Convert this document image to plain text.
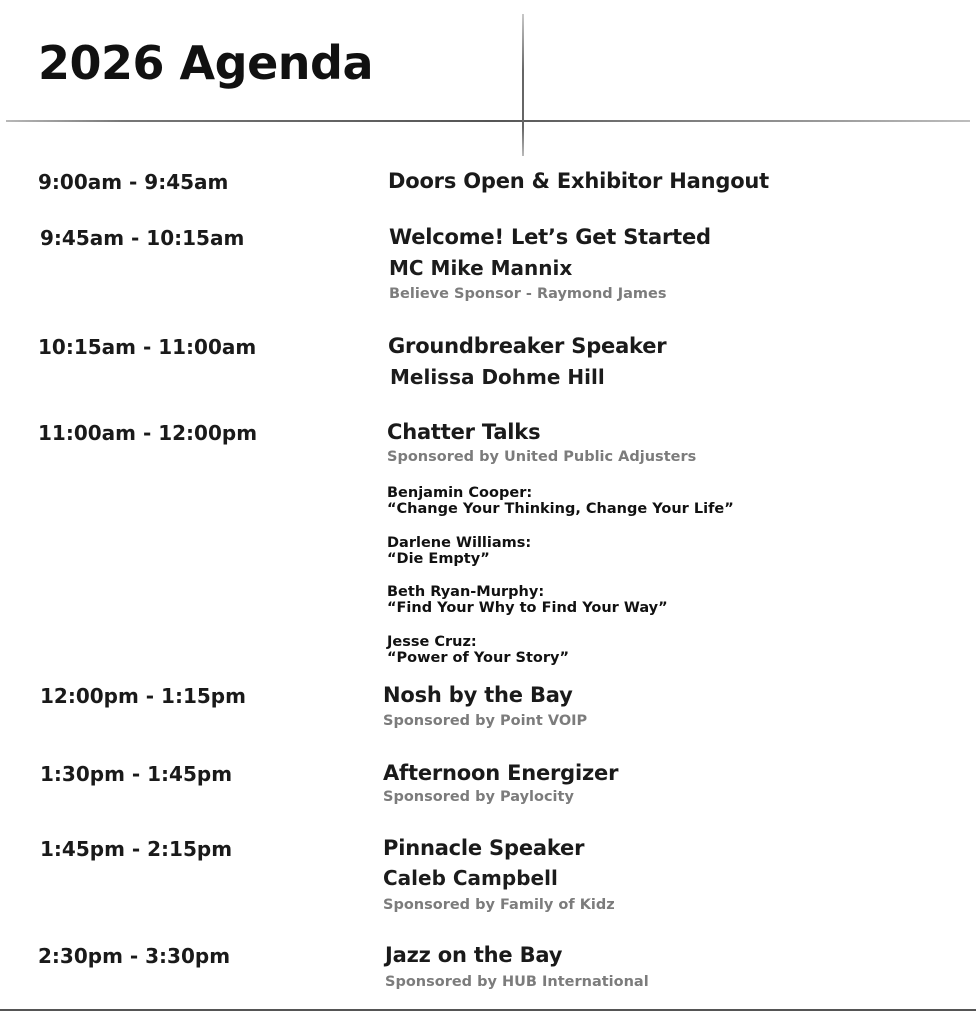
2026 Agenda
9:00am - 9:45am	Doors Open & Exhibitor Hangout
9:45am - 10:15am	Welcome! Let’s Get Started
MC Mike Mannix
Believe Sponsor - Raymond James
10:15am - 11:00am	Groundbreaker Speaker
Melissa Dohme Hill
11:00am - 12:00pm	Chatter Talks
Sponsored by United Public Adjusters
Benjamin Cooper:
“Change Your Thinking, Change Your Life”
Darlene Williams:
“Die Empty”
Beth Ryan-Murphy:
“Find Your Why to Find Your Way”
Jesse Cruz:
“Power of Your Story”
12:00pm - 1:15pm	Nosh by the Bay
Sponsored by Point VOIP
1:30pm - 1:45pm	Afternoon Energizer
Sponsored by Paylocity
1:45pm - 2:15pm	Pinnacle Speaker
Caleb Campbell
Sponsored by Family of Kidz
2:30pm - 3:30pm	Jazz on the Bay
Sponsored by HUB International
